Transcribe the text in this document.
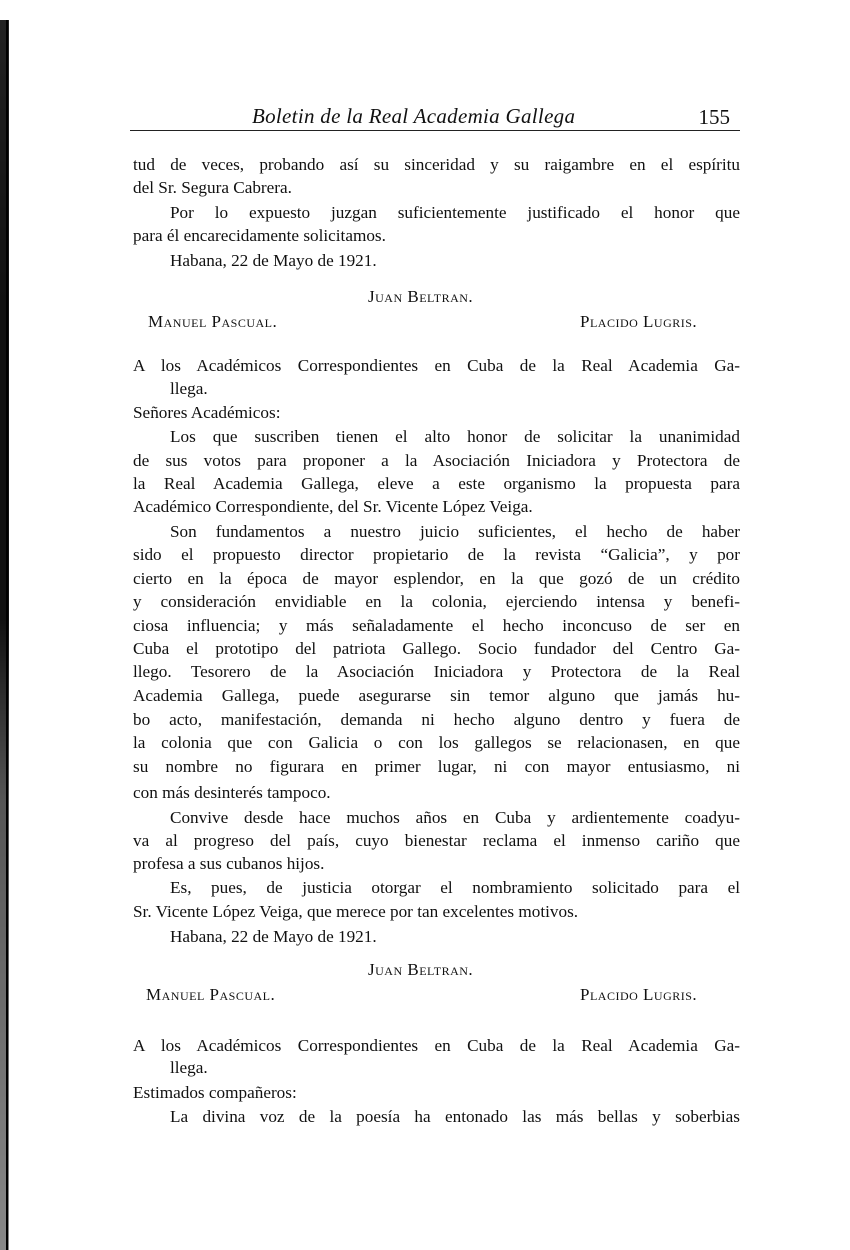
Boletin de la Real Academia Gallega	155
tud de veces, probando así su sinceridad y su raigambre en el espíritu
del Sr. Segura Cabrera.
Por lo expuesto juzgan suficientemente justificado el honor que
para él encarecidamente solicitamos.
Habana, 22 de Mayo de 1921.
Juan Beltran.
Manuel Pascual.	Placido Lugris.
A los Académicos Correspondientes en Cuba de la Real Academia Ga-
llega.
Señores Académicos:
Los que suscriben tienen el alto honor de solicitar la unanimidad
de sus votos para proponer a la Asociación Iniciadora y Protectora de
la Real Academia Gallega, eleve a este organismo la propuesta para
Académico Correspondiente, del Sr. Vicente López Veiga.
Son fundamentos a nuestro juicio suficientes, el hecho de haber
sido el propuesto director propietario de la revista “Galicia”, y por
cierto en la época de mayor esplendor, en la que gozó de un crédito
y consideración envidiable en la colonia, ejerciendo intensa y benefi-
ciosa influencia; y más señaladamente el hecho inconcuso de ser en
Cuba el prototipo del patriota Gallego. Socio fundador del Centro Ga-
llego. Tesorero de la Asociación Iniciadora y Protectora de la Real
Academia Gallega, puede asegurarse sin temor alguno que jamás hu-
bo acto, manifestación, demanda ni hecho alguno dentro y fuera de
la colonia que con Galicia o con los gallegos se relacionasen, en que
su nombre no figurara en primer lugar, ni con mayor entusiasmo, ni
con más desinterés tampoco.
Convive desde hace muchos años en Cuba y ardientemente coadyu-
va al progreso del país, cuyo bienestar reclama el inmenso cariño que
profesa a sus cubanos hijos.
Es, pues, de justicia otorgar el nombramiento solicitado para el
Sr. Vicente López Veiga, que merece por tan excelentes motivos.
Habana, 22 de Mayo de 1921.
Juan Beltran.
Manuel Pascual.	Placido Lugris.
A los Académicos Correspondientes en Cuba de la Real Academia Ga-
llega.
Estimados compañeros:
La divina voz de la poesía ha entonado las más bellas y soberbias
